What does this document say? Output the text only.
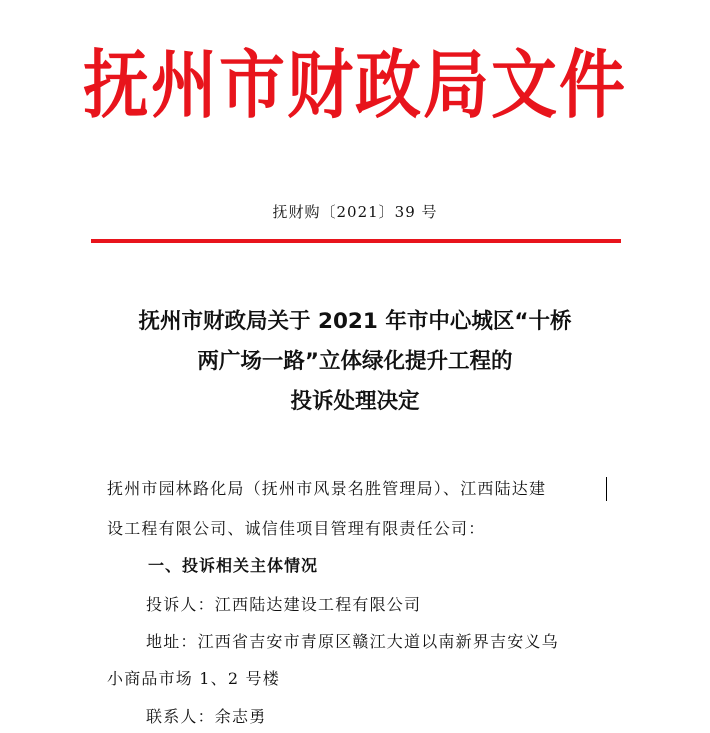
抚州市财政局文件
抚财购〔2021〕39 号
抚州市财政局关于 2021 年市中心城区“十桥
两广场一路”立体绿化提升工程的
投诉处理决定
抚州市园林路化局（抚州市风景名胜管理局）、江西陆达建
设工程有限公司、诚信佳项目管理有限责任公司：
一、投诉相关主体情况
投诉人：江西陆达建设工程有限公司
地址：江西省吉安市青原区赣江大道以南新界吉安义乌
小商品市场 1、2 号楼
联系人：余志勇
